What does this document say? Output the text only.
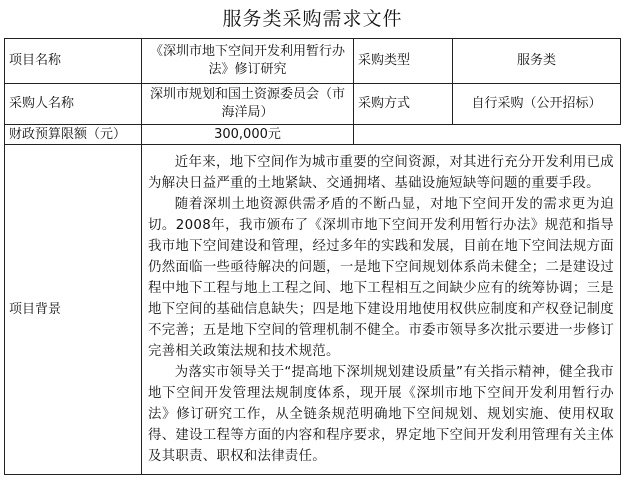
服务类采购需求文件
项目名称	《深圳市地下空间开发利用暂行办法》修订研究	采购类型	服务类
采购人名称	深圳市规划和国土资源委员会（市海洋局）	采购方式	自行采购（公开招标）
财政预算限额（元）	300,000元		
项目背景	近年来，地下空间作为城市重要的空间资源，对其进行充分开发利用已成为解决日益严重的土地紧缺、交通拥堵、基础设施短缺等问题的重要手段。

随着深圳土地资源供需矛盾的不断凸显，对地下空间开发的需求更为迫切。2008年，我市颁布了《深圳市地下空间开发利用暂行办法》规范和指导我市地下空间建设和管理，经过多年的实践和发展，目前在地下空间法规方面仍然面临一些亟待解决的问题，一是地下空间规划体系尚未健全；二是建设过程中地下工程与地上工程之间、地下工程相互之间缺少应有的统筹协调；三是地下空间的基础信息缺失；四是地下建设用地使用权供应制度和产权登记制度不完善；五是地下空间的管理机制不健全。市委市领导多次批示要进一步修订完善相关政策法规和技术规范。

为落实市领导关于“提高地下深圳规划建设质量”有关指示精神，健全我市地下空间开发管理法规制度体系，现开展《深圳市地下空间开发利用暂行办法》修订研究工作，从全链条规范明确地下空间规划、规划实施、使用权取得、建设工程等方面的内容和程序要求，界定地下空间开发利用管理有关主体及其职责、职权和法律责任。		
